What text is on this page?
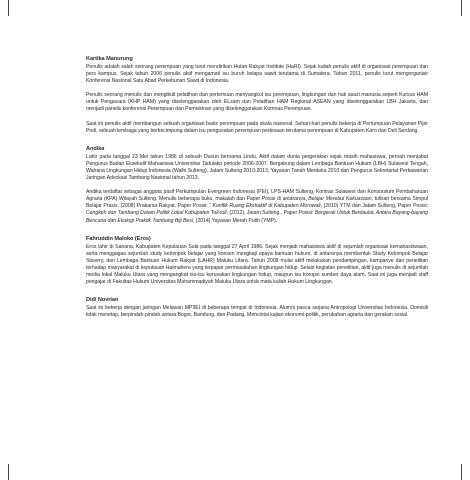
Kartika Manurung

Penulis adalah salah seorang perempuan yang turut mendirikan Hutan Rakyat Institute (HaRI). Sejak kuliah penulis aktif di organisasi perempuan dan pers kampus. Sejak tahun 2006 penulis aktif mengamati isu buruh kelapa sawit terutama di Sumatera. Tahun 2011, penulis turut mengorganisir Konferensi Nasional Satu Abad Perkebunan Sawit di Indonesia.

Penulis seorang menulis dan mengikuti pelatihan dan pertemuan menyangkut isu perempuan, lingkungan dan hak asazi manusia seperti Kursus HAM untuk Pengacara (KHP HAM) yang diselenggarakan oleh ELsam dan Pelatihan HAM Regional ASEAN yang diselenggarakan LBH Jakarta, dan menjadi panelis konferensi Perempuan dan Pemiskinan yang diselenggarakan Komnas Perempuan.

Saat ini penulis aktif membangun sebuah organisasi basis perempuan pada skala nasional. Sehari-hari penulis bekerja di Pertumpuan Pelayanan Pijer Podi, sebuah lembaga yang berkecimpung dalam isu pengusatan perempuan pedesaan terutama perempuan di Kabupaten Karo dan Deli Serdang.

Andika

Lahir pada tanggal 23 Mei tahun 1986 di sebuah Dusun bernama Lindu. Aktif dalam dunia pergerakan sejak masih mahasiswa, pernah menjabat Pengurus Badan Eksekutif Mahasiswa Universitas Tadulako periode 2006-2007. Bergabung dalam Lembaga Bantuan Hukum (LBH) Sulawesi Tengah, Wahana Lingkungan Hidup Indonesia (Walhi Sulteng), Jatam Sulteng 2010-2013, Yayasan Tanah Merdeka 2010 dan Pengurus Sekretariat Perkawanan Jaringan Advokasi Tambang Nasional tahun 2013.

Andika terdaftar sebagai anggota pasif Perkumpulan Evergreen Indonesia (PEI), LPS-HAM Sulteng, Kontras Sulawesi dan Konsorsium Pembaharuan Agraria (KPA) Wilayah Sulteng. Menulis beberapa buku, makalah dan Paper Posisi di antaranya, Belajar Merebut Kekuasaan, tulisan bersama Simpul Belajar Praxis, (2008) Prakarsa Rakyat. Paper Posisi: “ Konflik Ruang Ekstraktif di Kabupaten Morowali, (2010) YTM dan Jatam Sulteng, Paper Posisi: Cengkeh dan Tambang Dalam Politik Lokal Kabupaten Toli-toli, (2012), Jatam Sulteng., Paper Posisi: Bergerak Untuk Berdaulat, Antara Bayang-bayang Bencana dan Ekologi Praktik Tambang Biji Besi, (2014) Yayasan Merah Putih (YMP).

Fahruddin Maloko (Eros)

Eros lahir di Sanana, Kabupaten Kepulauan Sula pada tanggal 27 April 1986. Sejak menjadi mahasiswa aktif di sejumlah organisasi kemahasiswaan, serta menggagas sejumlah study kelompok belajar yang konsen mengkaji upaya bantuan hukum, di antaranya membentuk Study Kelompok Belajar Stavery, dan Lembaga Bantuan Hukum Rakyat (LAHR) Maluku Utara. Tahun 2008 mulai aktif melakukan pendampingan, kampanye dan penelitian terhadap masyarakat di kepulauan Halmahera yang terpapar permasalahan lingkungan hidup. Selain kegiatan penelitian, aktif juga menulis di sejumlah media lokal Maluku Utara yang mengangkat isu-isu kerusakan lingkungan hidup, maupun isu korupsi sumber daya alam. Saat ini juga menjadi staff pengajar di Fakultas Hukum Universitas Muhammadiyah Maluku Utara untuk mata kuliah Hukum Lingkungan.

Didi Novrian

Saat ini bekerja dengan jaringan Melawan MP3EI di beberapa tempat di Indonesia. Alumni pasca sarjana Antropologi Universitas Indonesia. Domisili tidak menetap, berpindah-pindah antara Bogor, Bandung, dan Padang. Mencintai kajian ekonomi-politik, perubahan agraria dan gerakan sosial.
